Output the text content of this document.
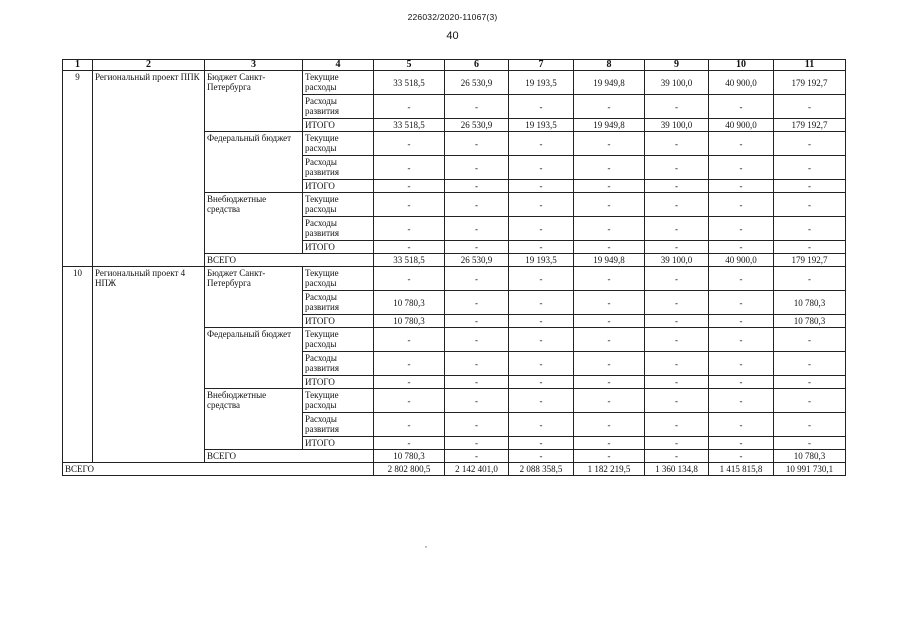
226032/2020-11067(3)
40
1	2	3	4	5	6	7	8	9	10	11
9	Региональный проект ППК	Бюджет Санкт-Петербурга	Текущие расходы	33 518,5	26 530,9	19 193,5	19 949,8	39 100,0	40 900,0	179 192,7
			Расходы развития	-	-	-	-	-	-	-
			ИТОГО	33 518,5	26 530,9	19 193,5	19 949,8	39 100,0	40 900,0	179 192,7
		Федеральный бюджет	Текущие расходы	-	-	-	-	-	-	-
			Расходы развития	-	-	-	-	-	-	-
			ИТОГО	-	-	-	-	-	-	-
		Внебюджетные средства	Текущие расходы	-	-	-	-	-	-	-
			Расходы развития	-	-	-	-	-	-	-
			ИТОГО	-	-	-	-	-	-	-
		ВСЕГО		33 518,5	26 530,9	19 193,5	19 949,8	39 100,0	40 900,0	179 192,7
10	Региональный проект 4 НПЖ	Бюджет Санкт-Петербурга	Текущие расходы	-	-	-	-	-	-	-
			Расходы развития	10 780,3	-	-	-	-	-	10 780,3
			ИТОГО	10 780,3	-	-	-	-	-	10 780,3
		Федеральный бюджет	Текущие расходы	-	-	-	-	-	-	-
			Расходы развития	-	-	-	-	-	-	-
			ИТОГО	-	-	-	-	-	-	-
		Внебюджетные средства	Текущие расходы	-	-	-	-	-	-	-
			Расходы развития	-	-	-	-	-	-	-
			ИТОГО	-	-	-	-	-	-	-
		ВСЕГО		10 780,3	-	-	-	-	-	10 780,3
ВСЕГО				2 802 800,5	2 142 401,0	2 088 358,5	1 182 219,5	1 360 134,8	1 415 815,8	10 991 730,1
,
